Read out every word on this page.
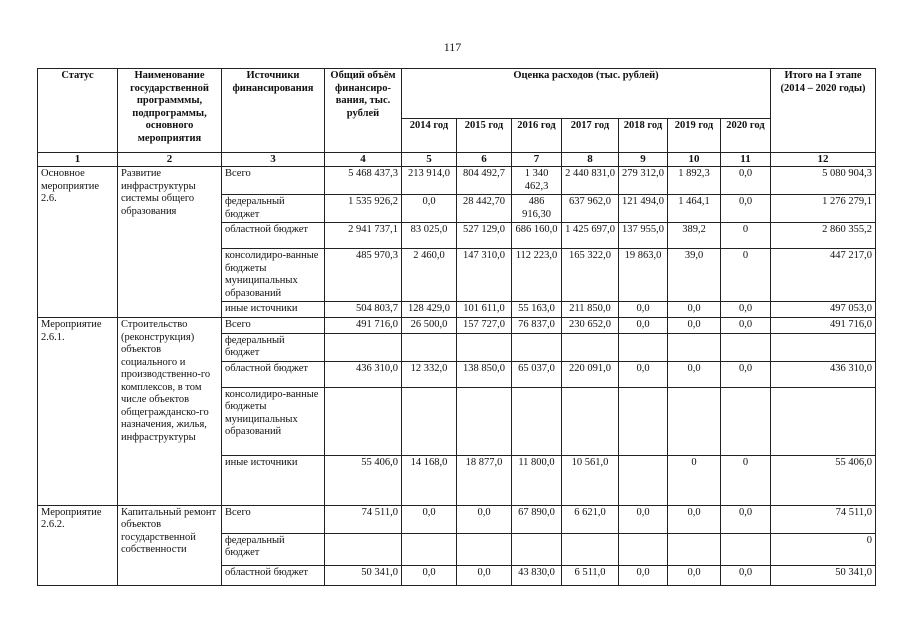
117
Статус	Наименование государственной программмы, подпрограммы, основного мероприятия	Источники финансирования	Общий объём финансиро-вания, тыс. рублей	Оценка расходов (тыс. рублей)							Итого на I этапе (2014 – 2020 годы)
				2014 год	2015 год	2016 год	2017 год	2018 год	2019 год	2020 год	
1	2	3	4	5	6	7	8	9	10	11	12
Основное мероприятие 2.6.	Развитие инфраструктуры системы общего образования	Всего	5 468 437,3	213 914,0	804 492,7	1 340 462,3	2 440 831,0	279 312,0	1 892,3	0,0	5 080 904,3
		федеральный бюджет	1 535 926,2	0,0	28 442,70	486 916,30	637 962,0	121 494,0	1 464,1	0,0	1 276 279,1
		областной бюджет	2 941 737,1	83 025,0	527 129,0	686 160,0	1 425 697,0	137 955,0	389,2	0	2 860 355,2
		консолидиро-ванные бюджеты муниципальных образований	485 970,3	2 460,0	147 310,0	112 223,0	165 322,0	19 863,0	39,0	0	447 217,0
		иные источники	504 803,7	128 429,0	101 611,0	55 163,0	211 850,0	0,0	0,0	0,0	497 053,0
Мероприятие 2.6.1.	Строительство (реконструкция) объектов социального и производственно-го комплексов, в том числе объектов общегражданско-го назначения, жилья, инфраструктуры	Всего	491 716,0	26 500,0	157 727,0	76 837,0	230 652,0	0,0	0,0	0,0	491 716,0
		федеральный бюджет									
		областной бюджет	436 310,0	12 332,0	138 850,0	65 037,0	220 091,0	0,0	0,0	0,0	436 310,0
		консолидиро-ванные бюджеты муниципальных образований									
		иные источники	55 406,0	14 168,0	18 877,0	11 800,0	10 561,0		0	0	55 406,0
Мероприятие 2.6.2.	Капитальный ремонт объектов государственной собственности	Всего	74 511,0	0,0	0,0	67 890,0	6 621,0	0,0	0,0	0,0	74 511,0
		федеральный бюджет									0
		областной бюджет	50 341,0	0,0	0,0	43 830,0	6 511,0	0,0	0,0	0,0	50 341,0
